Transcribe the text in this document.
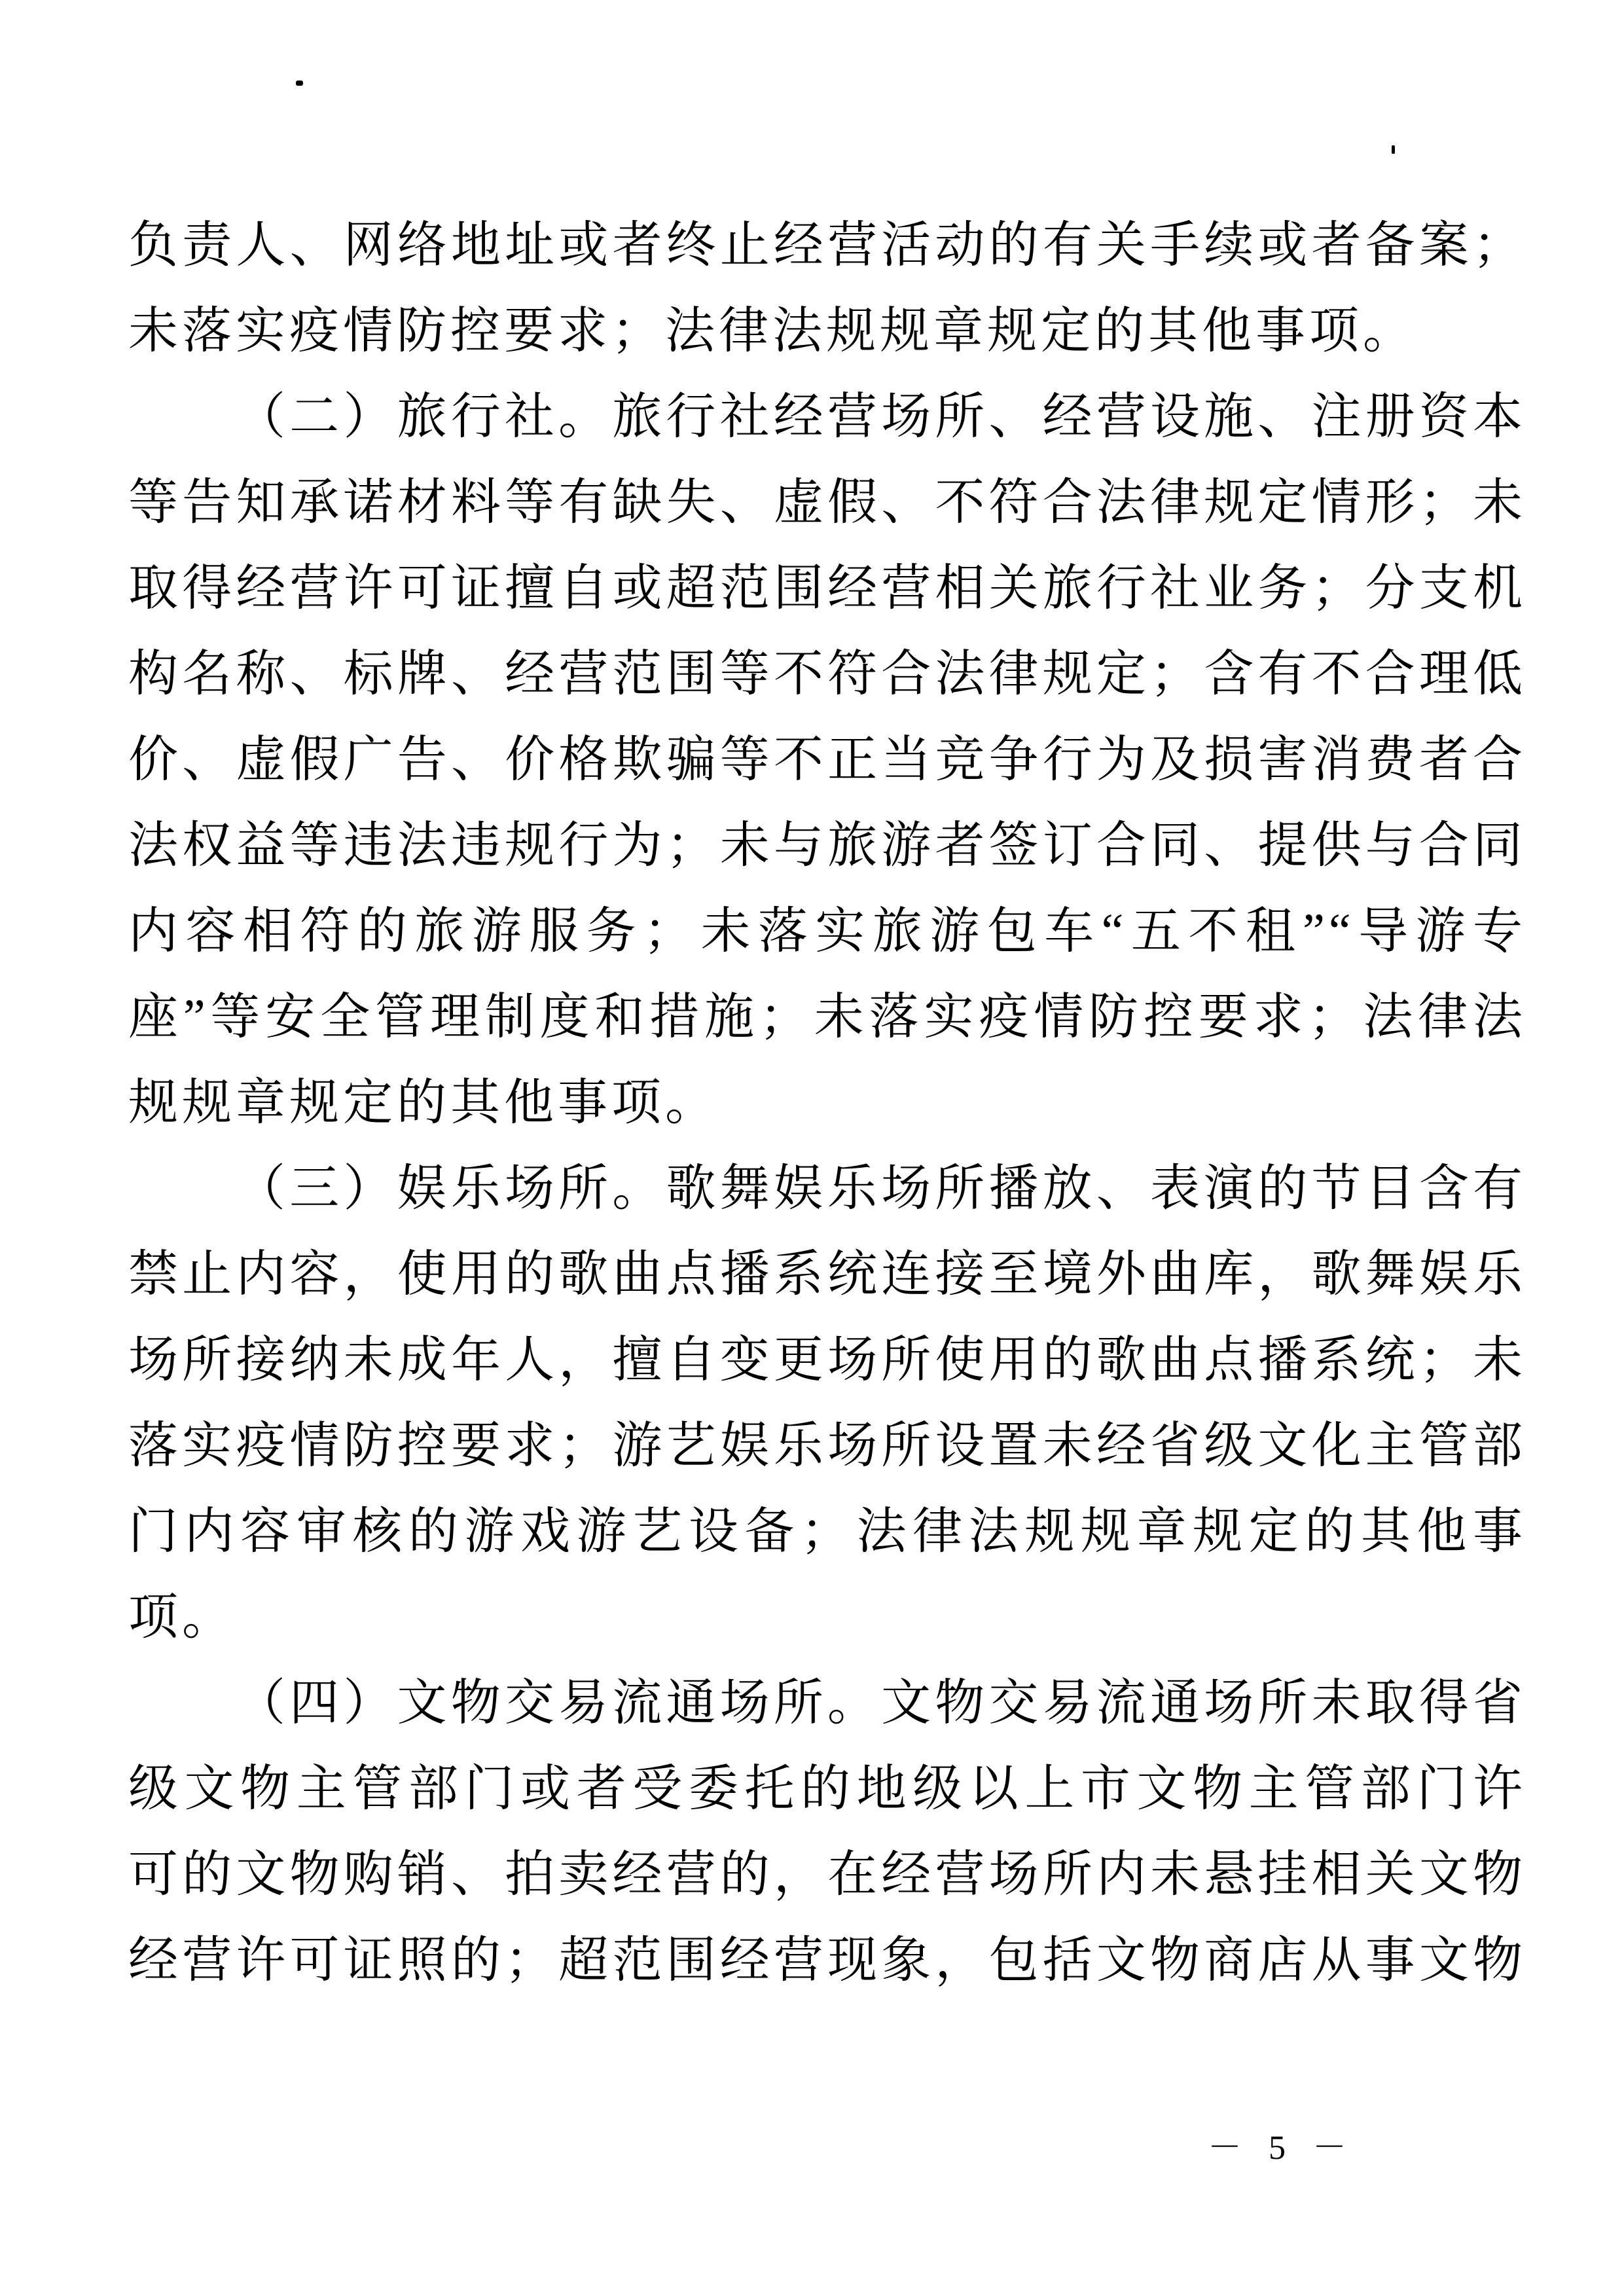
负责人、网络地址或者终止经营活动的有关手续或者备案；
未落实疫情防控要求；法律法规规章规定的其他事项。
（二）旅行社。旅行社经营场所、经营设施、注册资本
等告知承诺材料等有缺失、虚假、不符合法律规定情形；未
取得经营许可证擅自或超范围经营相关旅行社业务；分支机
构名称、标牌、经营范围等不符合法律规定；含有不合理低
价、虚假广告、价格欺骗等不正当竞争行为及损害消费者合
法权益等违法违规行为；未与旅游者签订合同、提供与合同
内容相符的旅游服务；未落实旅游包车“五不租”“导游专
座”等安全管理制度和措施；未落实疫情防控要求；法律法
规规章规定的其他事项。
（三）娱乐场所。歌舞娱乐场所播放、表演的节目含有
禁止内容，使用的歌曲点播系统连接至境外曲库，歌舞娱乐
场所接纳未成年人，擅自变更场所使用的歌曲点播系统；未
落实疫情防控要求；游艺娱乐场所设置未经省级文化主管部
门内容审核的游戏游艺设备；法律法规规章规定的其他事
项。
（四）文物交易流通场所。文物交易流通场所未取得省
级文物主管部门或者受委托的地级以上市文物主管部门许
可的文物购销、拍卖经营的，在经营场所内未悬挂相关文物
经营许可证照的；超范围经营现象，包括文物商店从事文物
－ 5 －
